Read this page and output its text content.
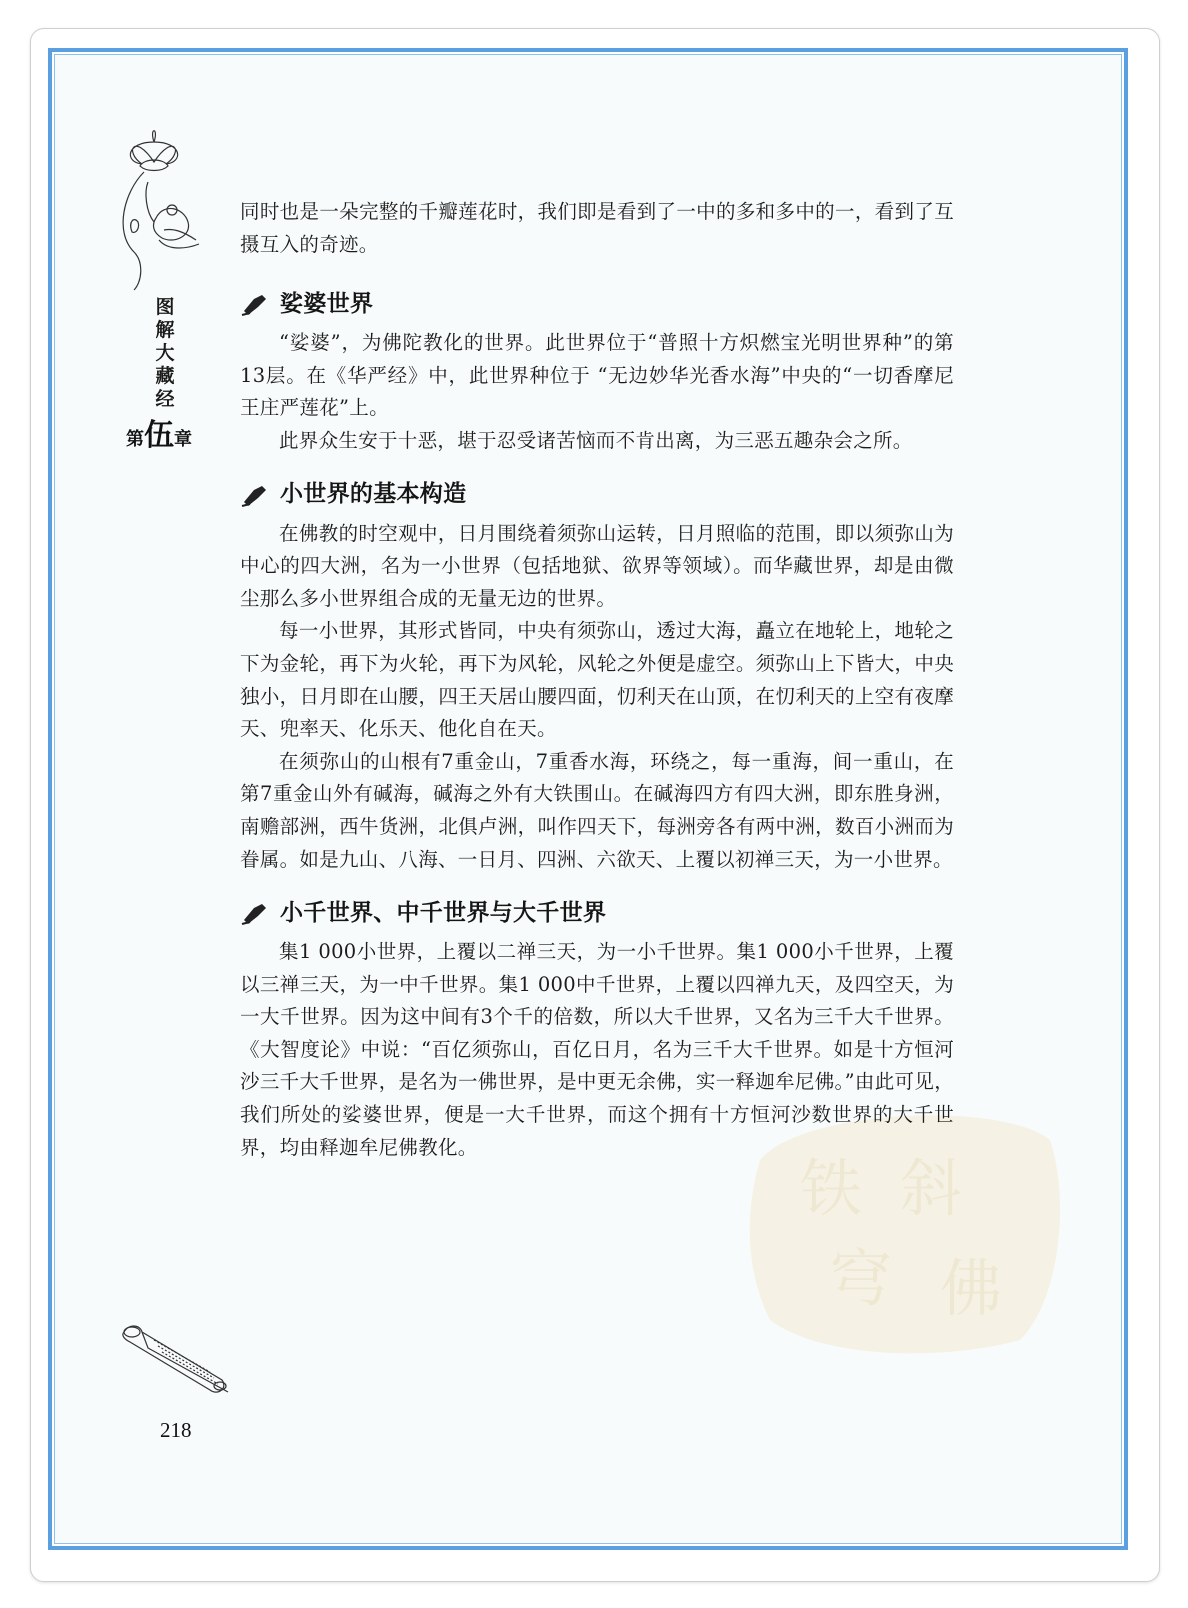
图
解
大
藏
经
第伍章
铁 斜
穹 佛

同时也是一朵完整的千瓣莲花时，我们即是看到了一中的多和多中的一，看到了互摄互入的奇迹。

娑婆世界

“娑婆”，为佛陀教化的世界。此世界位于“普照十方炽燃宝光明世界种”的第13层。在《华严经》中，此世界种位于 “无边妙华光香水海”中央的“一切香摩尼王庄严莲花”上。

此界众生安于十恶，堪于忍受诸苦恼而不肯出离，为三恶五趣杂会之所。

小世界的基本构造

在佛教的时空观中，日月围绕着须弥山运转，日月照临的范围，即以须弥山为中心的四大洲，名为一小世界（包括地狱、欲界等领域）。而华藏世界，却是由微尘那么多小世界组合成的无量无边的世界。

每一小世界，其形式皆同，中央有须弥山，透过大海，矗立在地轮上，地轮之下为金轮，再下为火轮，再下为风轮，风轮之外便是虚空。须弥山上下皆大，中央独小，日月即在山腰，四王天居山腰四面，忉利天在山顶，在忉利天的上空有夜摩天、兜率天、化乐天、他化自在天。

在须弥山的山根有7重金山，7重香水海，环绕之，每一重海，间一重山，在第7重金山外有碱海，碱海之外有大铁围山。在碱海四方有四大洲，即东胜身洲，南赡部洲，西牛货洲，北俱卢洲，叫作四天下，每洲旁各有两中洲，数百小洲而为眷属。如是九山、八海、一日月、四洲、六欲天、上覆以初禅三天，为一小世界。

小千世界、中千世界与大千世界

集1 000小世界，上覆以二禅三天，为一小千世界。集1 000小千世界，上覆以三禅三天，为一中千世界。集1 000中千世界，上覆以四禅九天，及四空天，为一大千世界。因为这中间有3个千的倍数，所以大千世界，又名为三千大千世界。《大智度论》中说：“百亿须弥山，百亿日月，名为三千大千世界。如是十方恒河沙三千大千世界，是名为一佛世界，是中更无余佛，实一释迦牟尼佛。”由此可见，我们所处的娑婆世界，便是一大千世界，而这个拥有十方恒河沙数世界的大千世界，均由释迦牟尼佛教化。

218
